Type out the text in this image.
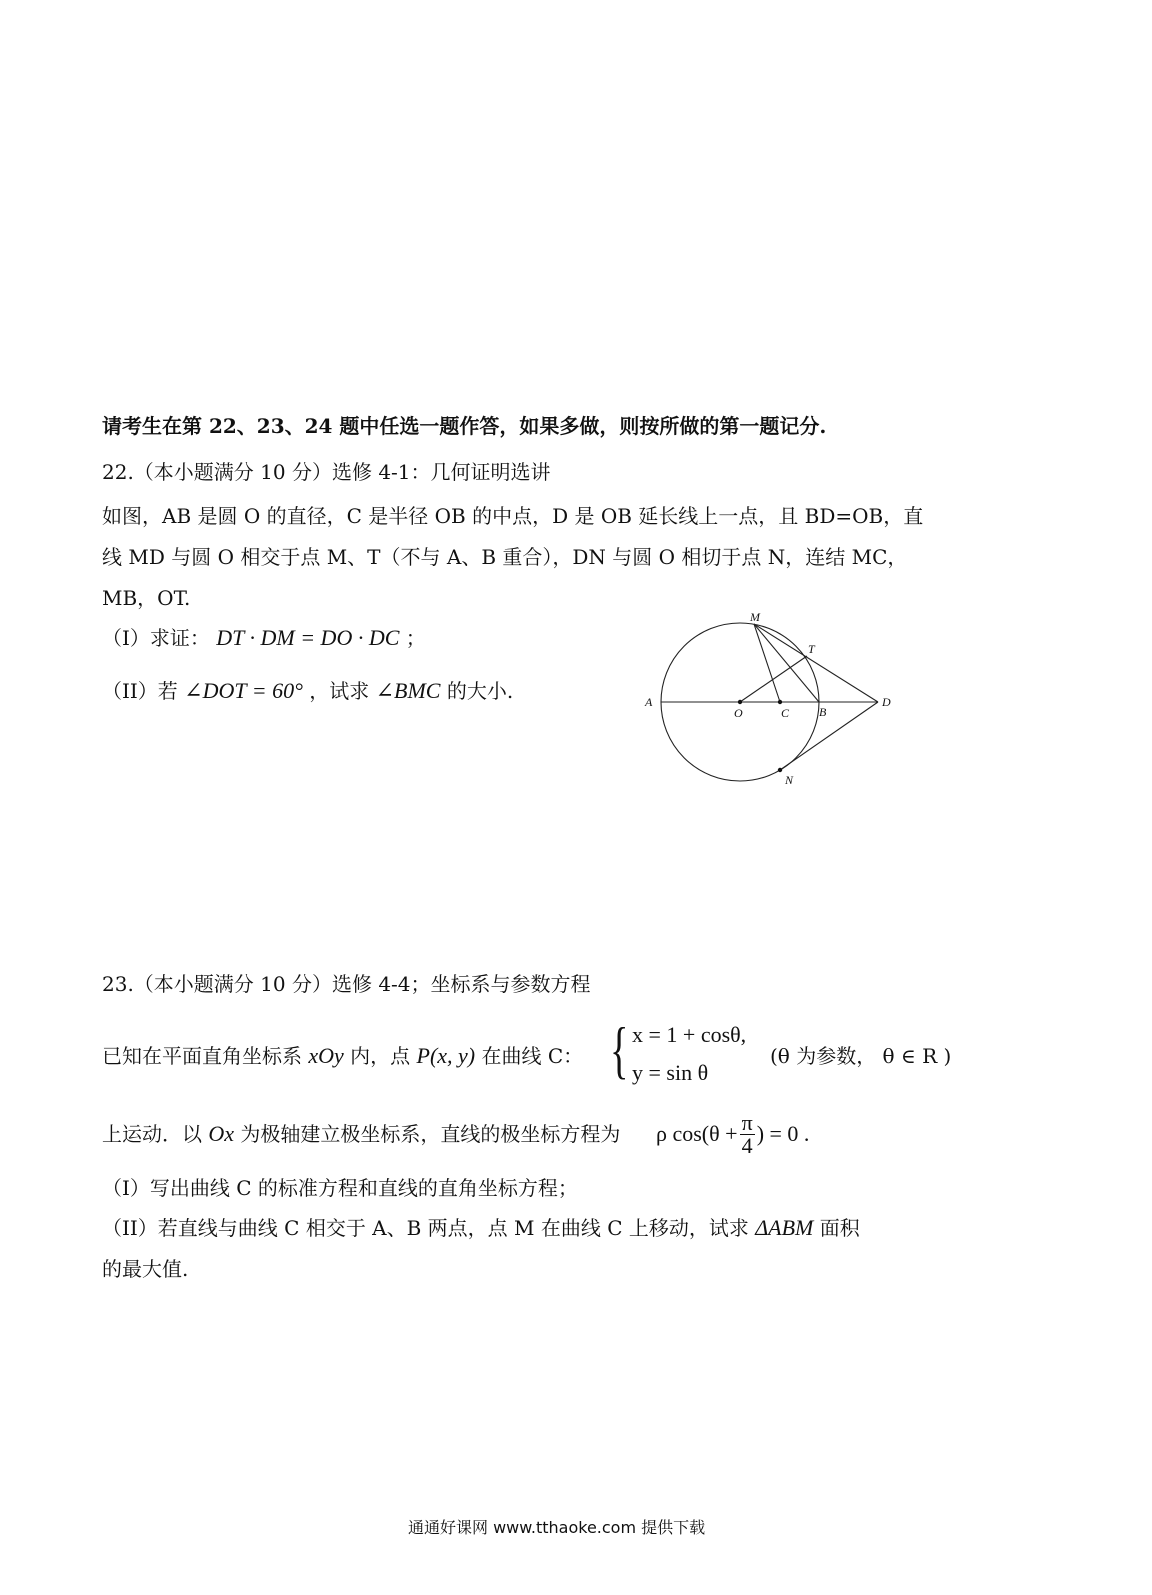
请考生在第 22、23、24 题中任选一题作答，如果多做，则按所做的第一题记分.
22.（本小题满分 10 分）选修 4-1：几何证明选讲
如图，AB 是圆 O 的直径，C 是半径 OB 的中点，D 是 OB 延长线上一点，且 BD=OB，直
线 MD 与圆 O 相交于点 M、T（不与 A、B 重合），DN 与圆 O 相切于点 N，连结 MC，
MB，OT.
（I）求证： DT · DM = DO · DC ；
（II）若 ∠DOT = 60° ，试求 ∠BMC 的大小.	A
O	C B
D
M
T
N
23.（本小题满分 10 分）选修 4-4；坐标系与参数方程
已知在平面直角坐标系 xOy 内，点 P(x, y) 在曲线 C： { x = 1 + cosθ,
y = sin θ
(θ 为参数， θ ∈ R )
上运动．以 Ox 为极轴建立极坐标系，直线的极坐标方程为 ρ $\cos(\theta + \frac{\pi}{4}$ ) = 0 .
（I）写出曲线 C 的标准方程和直线的直角坐标方程；
（II）若直线与曲线 C 相交于 A、B 两点，点 M 在曲线 C 上移动，试求 ΔABM 面积
的最大值.
通通好课网 www.tthaoke.com 提供下载
